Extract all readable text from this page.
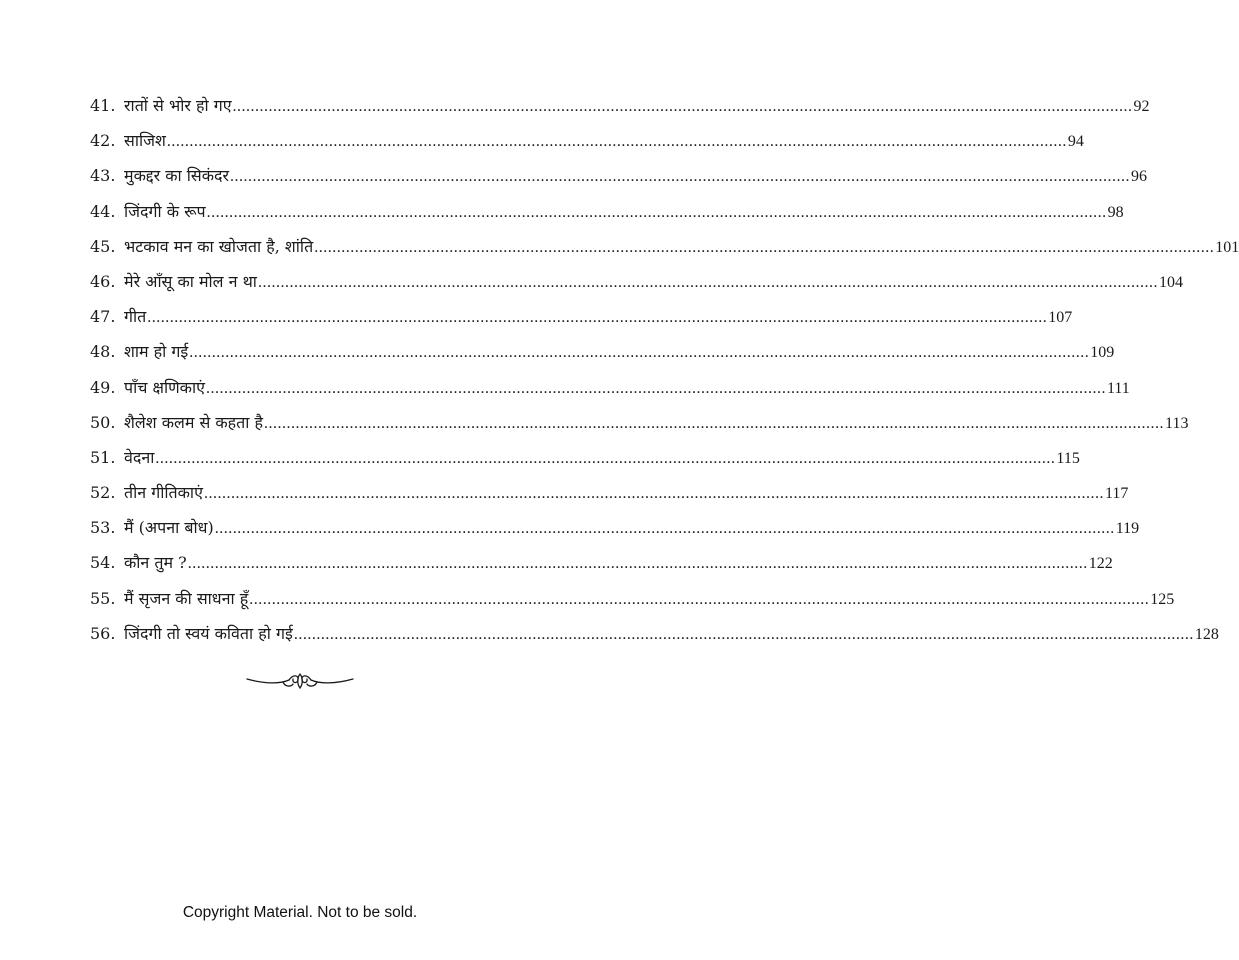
41. रातों से भोर हो गए ........................................................................................................................................................................................................ 92
42. साजिश ........................................................................................................................................................................................................ 94
43. मुकद्दर का सिकंदर ........................................................................................................................................................................................................ 96
44. जिंदगी के रूप ........................................................................................................................................................................................................ 98
45. भटकाव मन का खोजता है, शांति ........................................................................................................................................................................................................ 101
46. मेरे आँसू का मोल न था ........................................................................................................................................................................................................ 104
47. गीत ........................................................................................................................................................................................................ 107
48. शाम हो गई ........................................................................................................................................................................................................ 109
49. पाँच क्षणिकाएं ........................................................................................................................................................................................................ 111
50. शैलेश कलम से कहता है ........................................................................................................................................................................................................ 113
51. वेदना ........................................................................................................................................................................................................ 115
52. तीन गीतिकाएं ........................................................................................................................................................................................................ 117
53. मैं (अपना बोध) ........................................................................................................................................................................................................ 119
54. कौन तुम ? ........................................................................................................................................................................................................ 122
55. मैं सृजन की साधना हूँ ........................................................................................................................................................................................................ 125
56. जिंदगी तो स्वयं कविता हो गई ........................................................................................................................................................................................................ 128
Copyright Material. Not to be sold.
